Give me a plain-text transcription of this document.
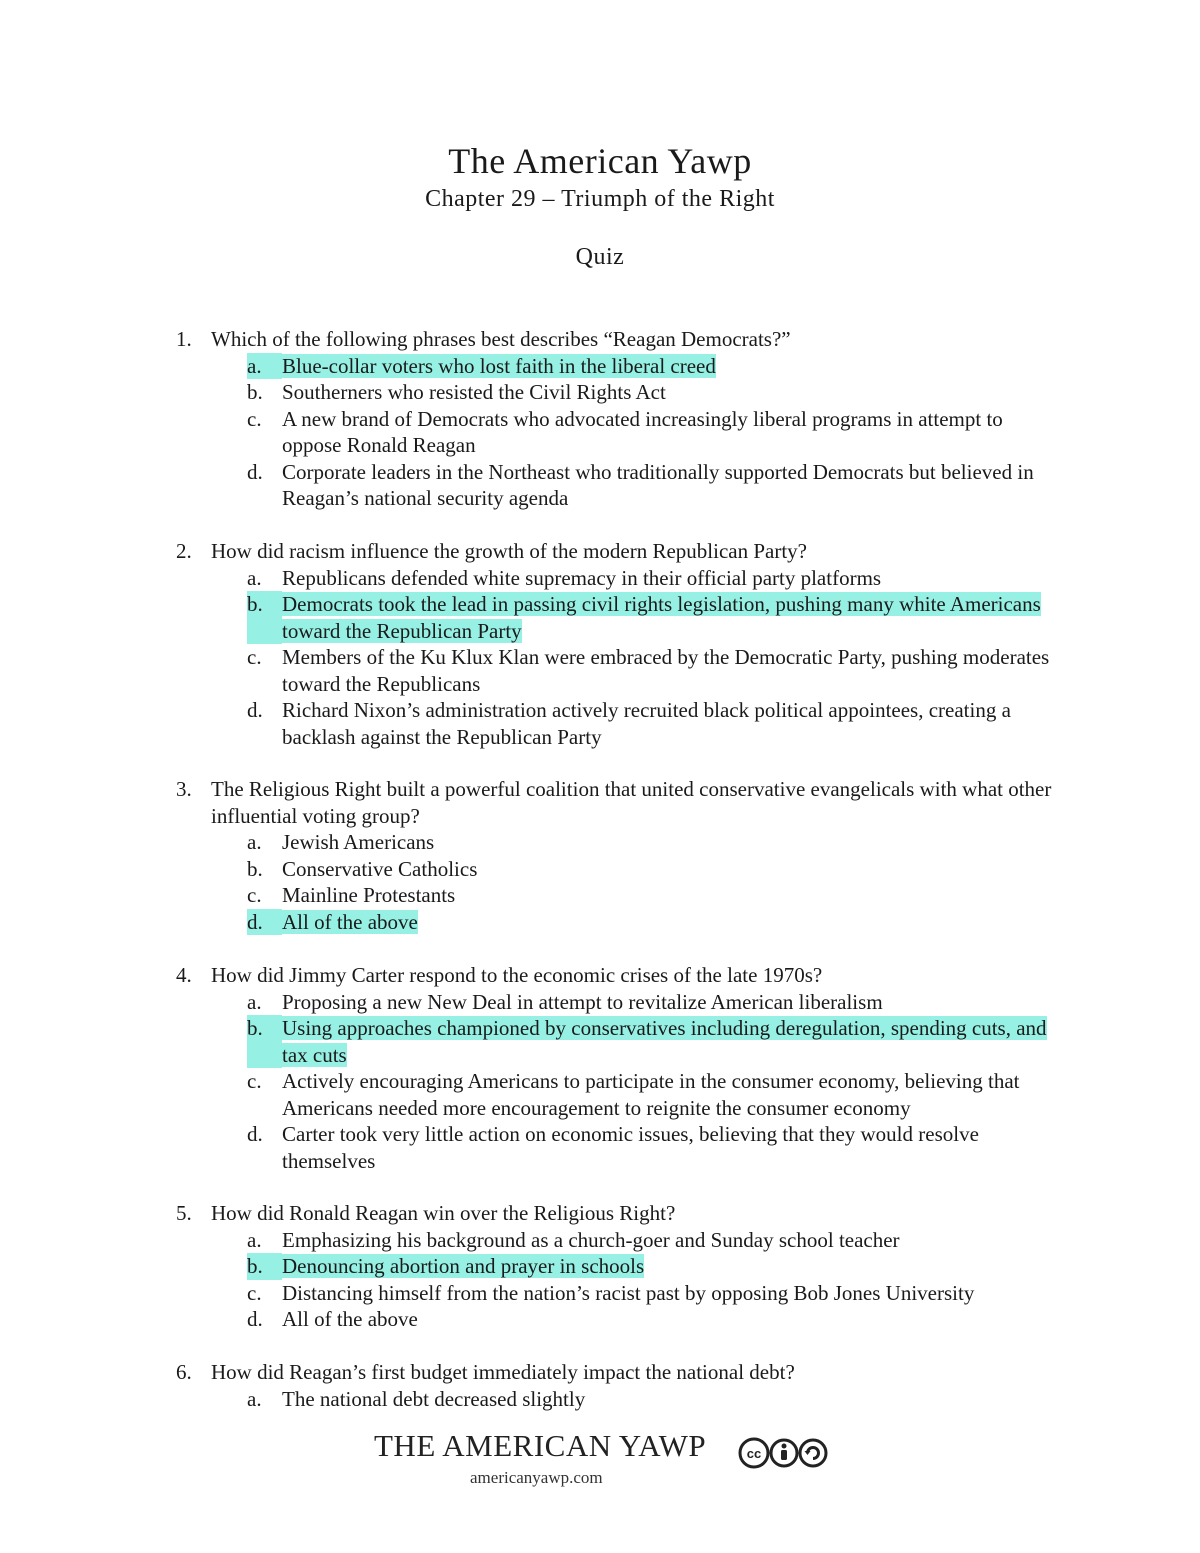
The American Yawp
Chapter 29 – Triumph of the Right
Quiz
1. Which of the following phrases best describes “Reagan Democrats?”
a. Blue-collar voters who lost faith in the liberal creed
b. Southerners who resisted the Civil Rights Act
c. A new brand of Democrats who advocated increasingly liberal programs in attempt to oppose Ronald Reagan
d. Corporate leaders in the Northeast who traditionally supported Democrats but believed in Reagan’s national security agenda
2. How did racism influence the growth of the modern Republican Party?
a. Republicans defended white supremacy in their official party platforms
b. Democrats took the lead in passing civil rights legislation, pushing many white Americans toward the Republican Party
c. Members of the Ku Klux Klan were embraced by the Democratic Party, pushing moderates toward the Republicans
d. Richard Nixon’s administration actively recruited black political appointees, creating a backlash against the Republican Party
3. The Religious Right built a powerful coalition that united conservative evangelicals with what other influential voting group?
a. Jewish Americans
b. Conservative Catholics
c. Mainline Protestants
d. All of the above
4. How did Jimmy Carter respond to the economic crises of the late 1970s?
a. Proposing a new New Deal in attempt to revitalize American liberalism
b. Using approaches championed by conservatives including deregulation, spending cuts, and tax cuts
c. Actively encouraging Americans to participate in the consumer economy, believing that Americans needed more encouragement to reignite the consumer economy
d. Carter took very little action on economic issues, believing that they would resolve themselves
5. How did Ronald Reagan win over the Religious Right?
a. Emphasizing his background as a church-goer and Sunday school teacher
b. Denouncing abortion and prayer in schools
c. Distancing himself from the nation’s racist past by opposing Bob Jones University
d. All of the above
6. How did Reagan’s first budget immediately impact the national debt?
a. The national debt decreased slightly
THE AMERICAN YAWP
americanyawp.com
cc
